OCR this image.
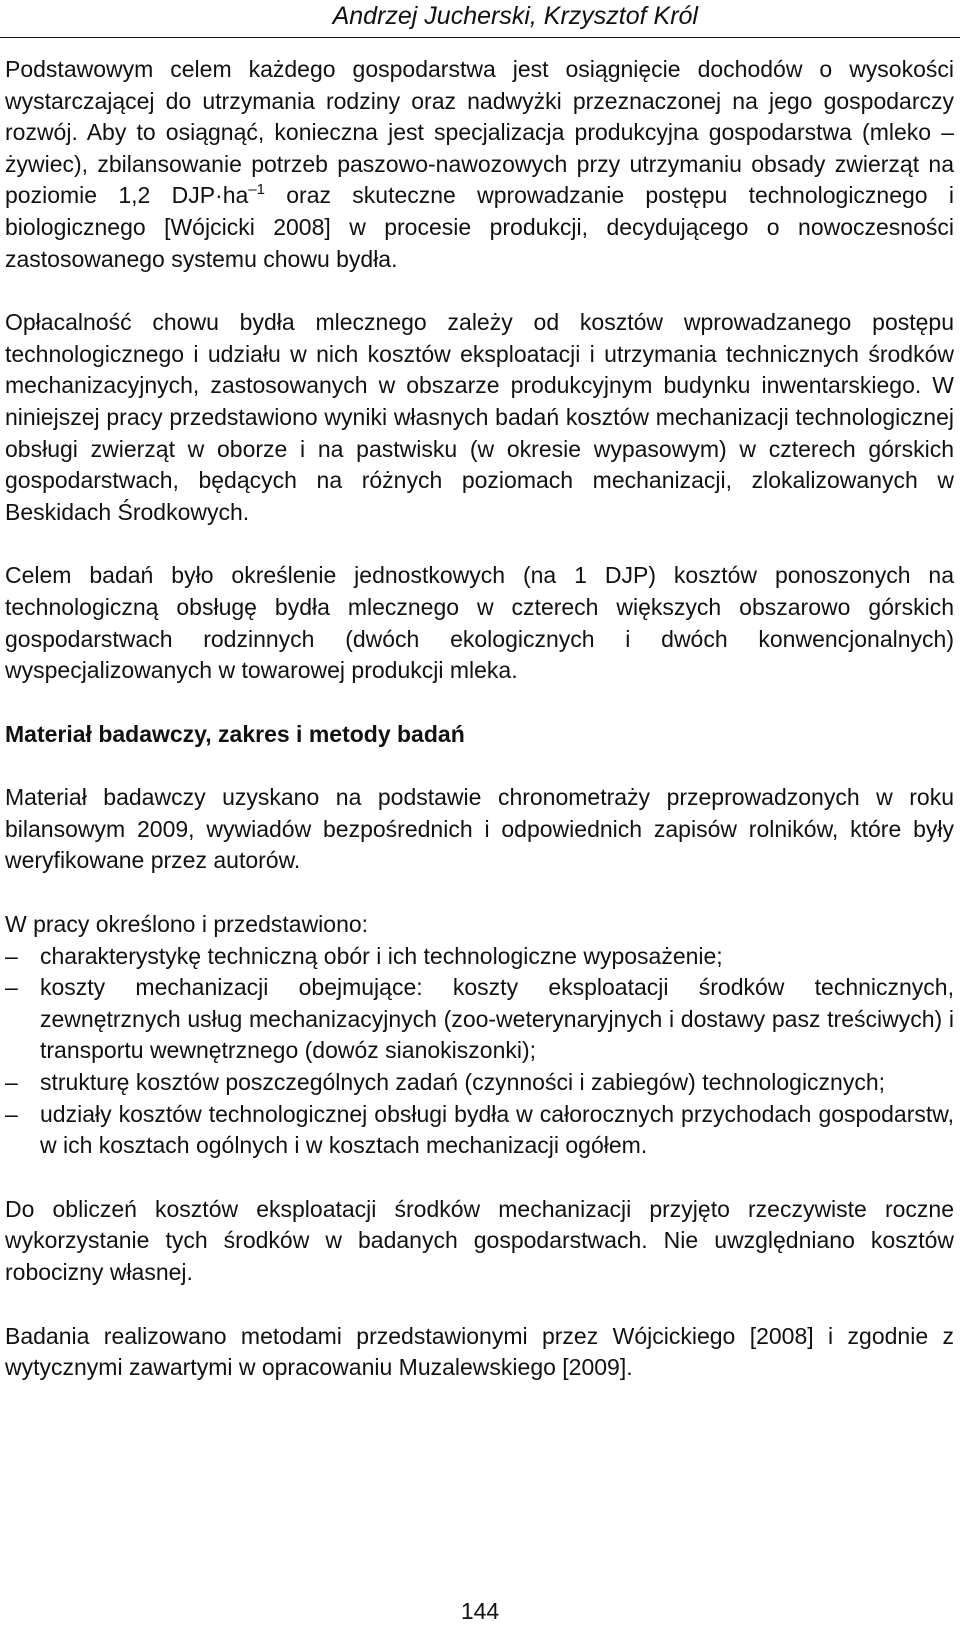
Andrzej Jucherski, Krzysztof Król

Podstawowym celem każdego gospodarstwa jest osiągnięcie dochodów o wysokości wystarczającej do utrzymania rodziny oraz nadwyżki przeznaczonej na jego gospodarczy rozwój. Aby to osiągnąć, konieczna jest specjalizacja produkcyjna gospodarstwa (mleko – żywiec), zbilansowanie potrzeb paszowo-nawozowych przy utrzymaniu obsady zwierząt na poziomie 1,2 $DJP\cdot ha^{-1}$ oraz skuteczne wprowadzanie postępu technologicznego i biologicznego [Wójcicki 2008] w procesie produkcji, decydującego o nowoczesności zastosowanego systemu chowu bydła.

Opłacalność chowu bydła mlecznego zależy od kosztów wprowadzanego postępu technologicznego i udziału w nich kosztów eksploatacji i utrzymania technicznych środków mechanizacyjnych, zastosowanych w obszarze produkcyjnym budynku inwentarskiego. W niniejszej pracy przedstawiono wyniki własnych badań kosztów mechanizacji technologicznej obsługi zwierząt w oborze i na pastwisku (w okresie wypasowym) w czterech górskich gospodarstwach, będących na różnych poziomach mechanizacji, zlokalizowanych w Beskidach Środkowych.

Celem badań było określenie jednostkowych (na 1 DJP) kosztów ponoszonych na technologiczną obsługę bydła mlecznego w czterech większych obszarowo górskich gospodarstwach rodzinnych (dwóch ekologicznych i dwóch konwencjonalnych) wyspecjalizowanych w towarowej produkcji mleka.

Materiał badawczy, zakres i metody badań

Materiał badawczy uzyskano na podstawie chronometraży przeprowadzonych w roku bilansowym 2009, wywiadów bezpośrednich i odpowiednich zapisów rolników, które były weryfikowane przez autorów.

W pracy określono i przedstawiono:

– charakterystykę techniczną obór i ich technologiczne wyposażenie;
– koszty mechanizacji obejmujące: koszty eksploatacji środków technicznych, zewnętrznych usług mechanizacyjnych (zoo-weterynaryjnych i dostawy pasz treściwych) i transportu wewnętrznego (dowóz sianokiszonki);
– strukturę kosztów poszczególnych zadań (czynności i zabiegów) technologicznych;
– udziały kosztów technologicznej obsługi bydła w całorocznych przychodach gospodarstw, w ich kosztach ogólnych i w kosztach mechanizacji ogółem.

Do obliczeń kosztów eksploatacji środków mechanizacji przyjęto rzeczywiste roczne wykorzystanie tych środków w badanych gospodarstwach. Nie uwzględniano kosztów robocizny własnej.

Badania realizowano metodami przedstawionymi przez Wójcickiego [2008] i zgodnie z wytycznymi zawartymi w opracowaniu Muzalewskiego [2009].

144
